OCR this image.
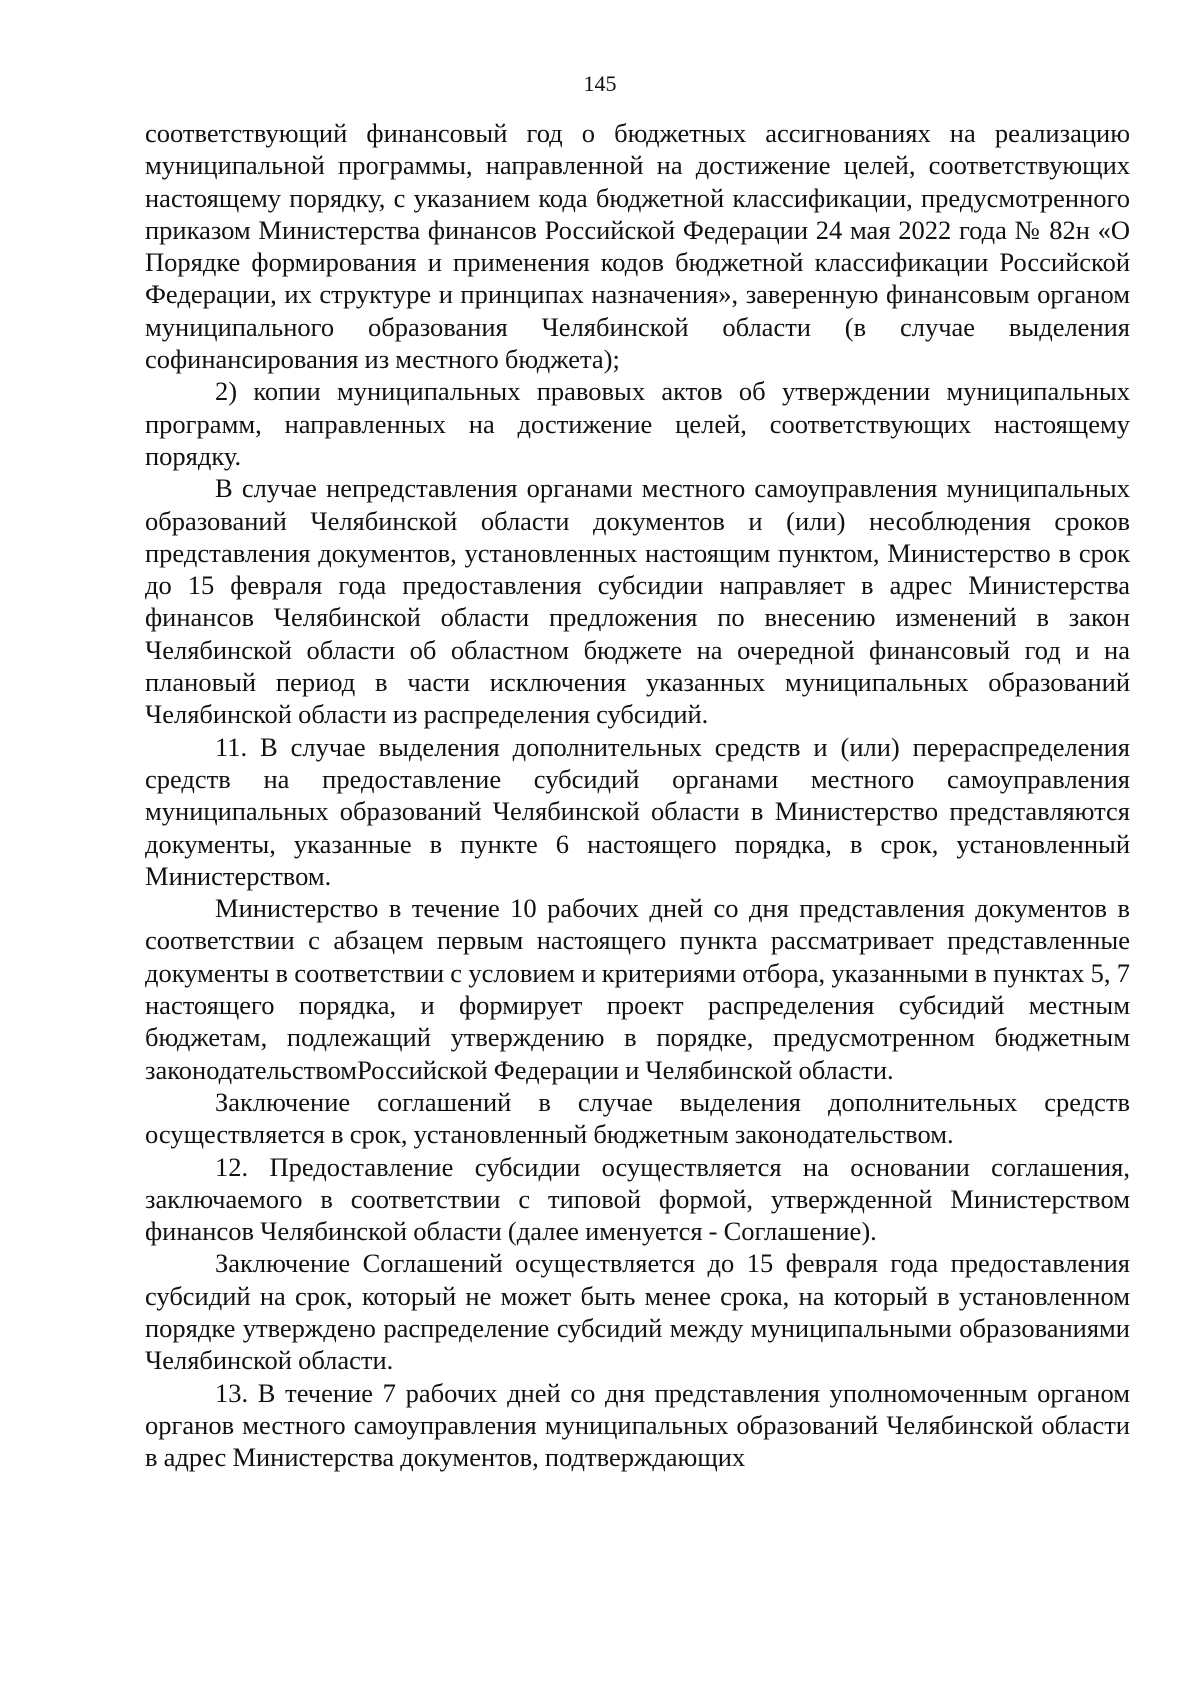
145

соответствующий финансовый год о бюджетных ассигнованиях на реализацию муниципальной программы, направленной на достижение целей, соответствующих настоящему порядку, с указанием кода бюджетной классификации, предусмотренного приказом Министерства финансов Российской Федерации 24 мая 2022 года № 82н «О Порядке формирования и применения кодов бюджетной классификации Российской Федерации, их структуре и принципах назначения», заверенную финансовым органом муниципального образования Челябинской области (в случае выделения софинансирования из местного бюджета);

2) копии муниципальных правовых актов об утверждении муниципальных программ, направленных на достижение целей, соответствующих настоящему порядку.

В случае непредставления органами местного самоуправления муниципальных образований Челябинской области документов и (или) несоблюдения сроков представления документов, установленных настоящим пунктом, Министерство в срок до 15 февраля года предоставления субсидии направляет в адрес Министерства финансов Челябинской области предложения по внесению изменений в закон Челябинской области об областном бюджете на очередной финансовый год и на плановый период в части исключения указанных муниципальных образований Челябинской области из распределения субсидий.

11. В случае выделения дополнительных средств и (или) перераспределения средств на предоставление субсидий органами местного самоуправления муниципальных образований Челябинской области в Министерство представляются документы, указанные в пункте 6 настоящего порядка, в срок, установленный Министерством.

Министерство в течение 10 рабочих дней со дня представления документов в соответствии с абзацем первым настоящего пункта рассматривает представленные документы в соответствии с условием и критериями отбора, указанными в пунктах 5, 7 настоящего порядка, и формирует проект распределения субсидий местным бюджетам, подлежащий утверждению в порядке, предусмотренном бюджетным законодательствомРоссийской Федерации и Челябинской области.

Заключение соглашений в случае выделения дополнительных средств осуществляется в срок, установленный бюджетным законодательством.

12. Предоставление субсидии осуществляется на основании соглашения, заключаемого в соответствии с типовой формой, утвержденной Министерством финансов Челябинской области (далее именуется - Соглашение).

Заключение Соглашений осуществляется до 15 февраля года предоставления субсидий на срок, который не может быть менее срока, на который в установленном порядке утверждено распределение субсидий между муниципальными образованиями Челябинской области.

13. В течение 7 рабочих дней со дня представления уполномоченным органом органов местного самоуправления муниципальных образований Челябинской области в адрес Министерства документов, подтверждающих
